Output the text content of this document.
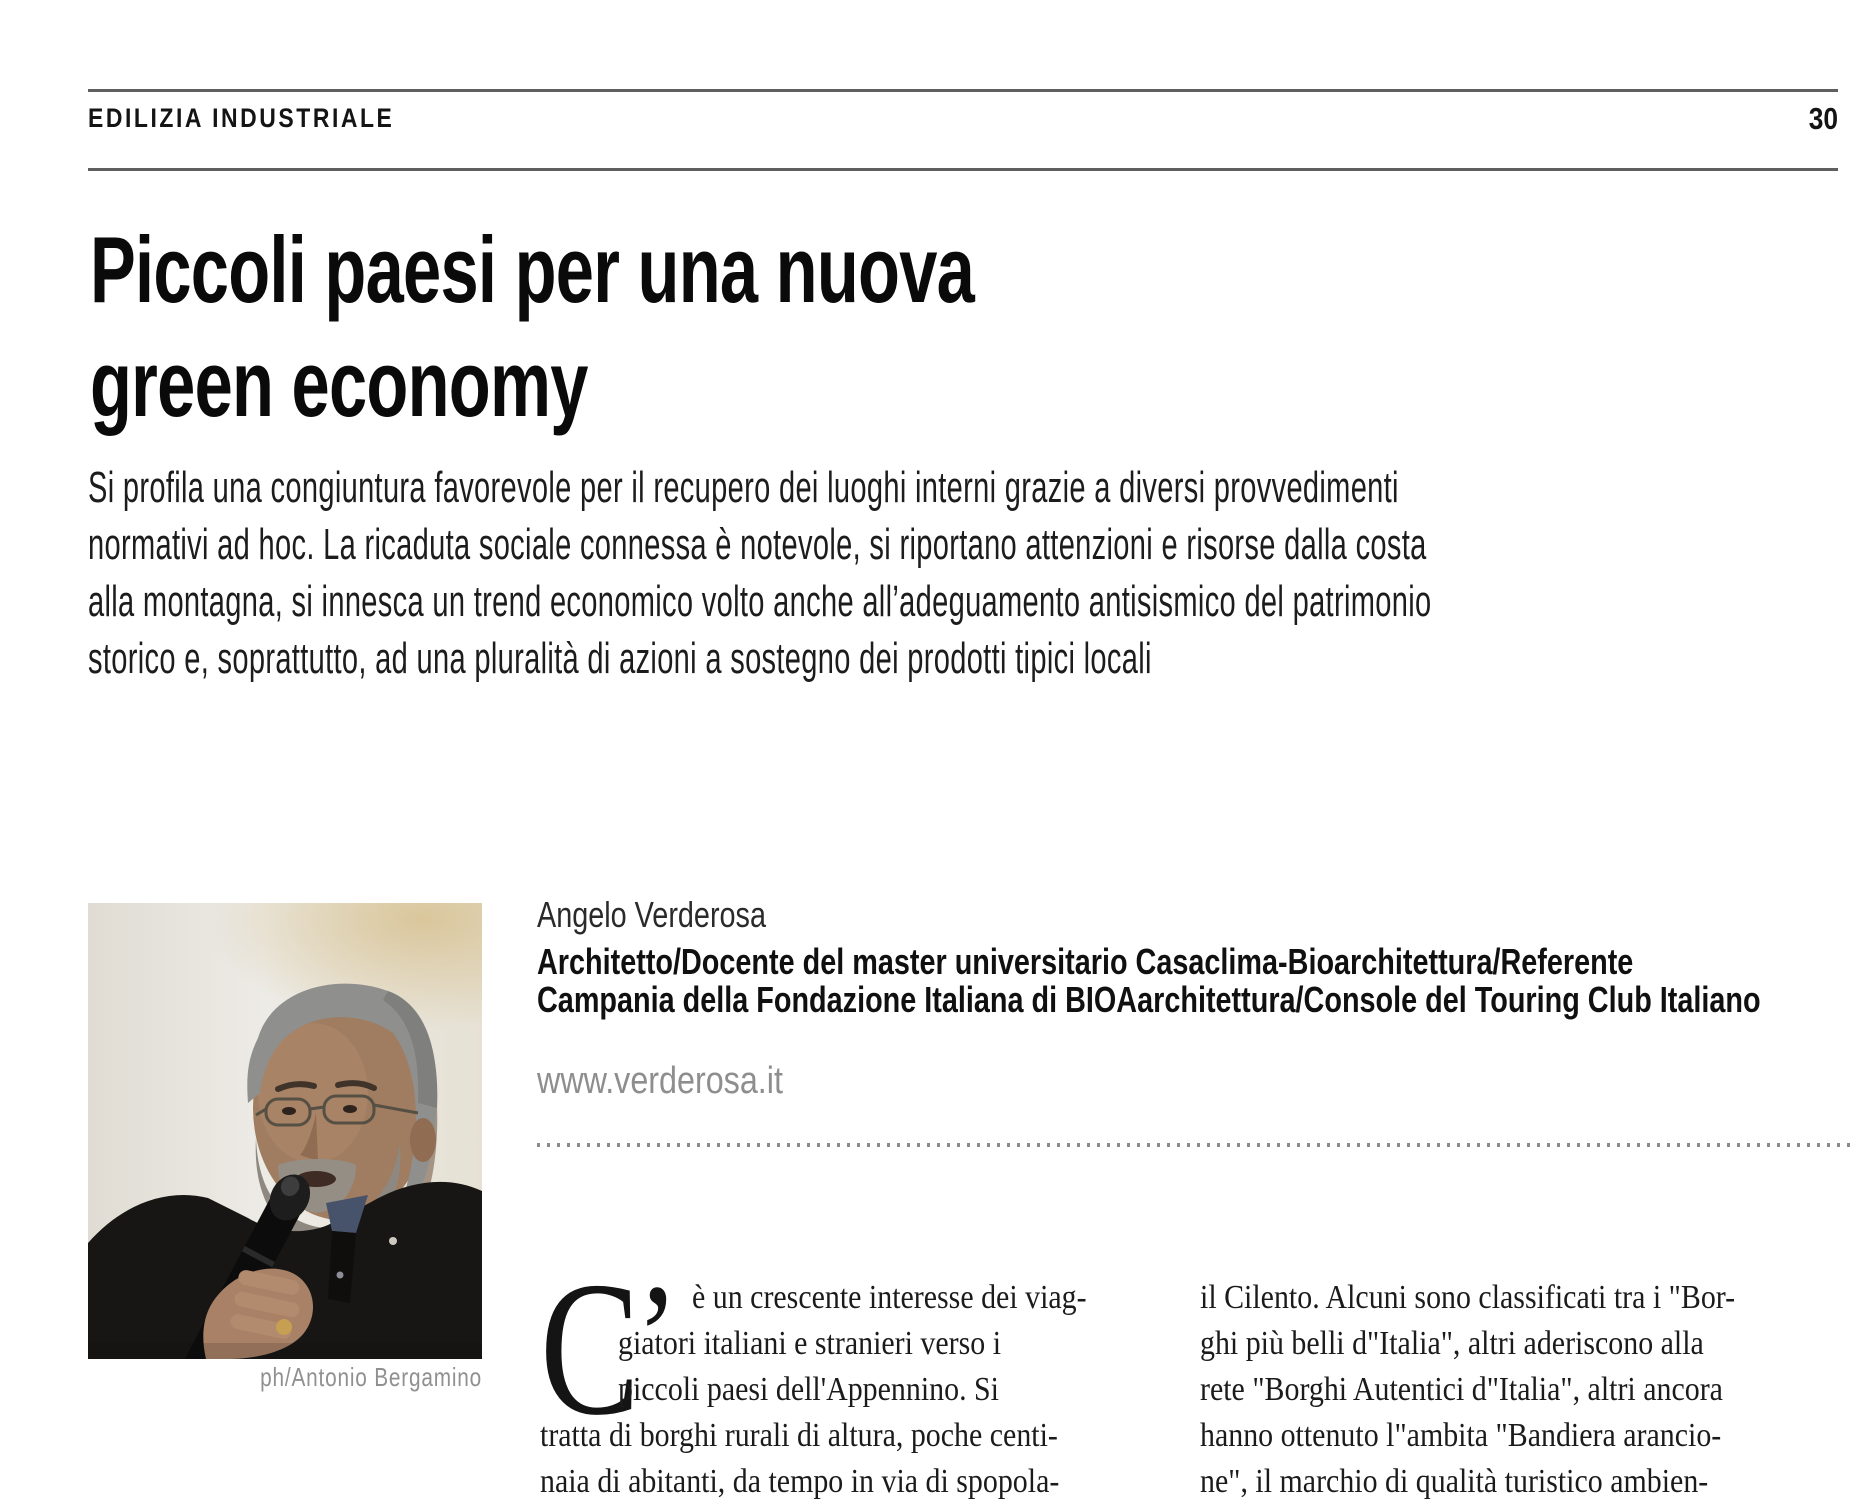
EDILIZIA INDUSTRIALE	30
Piccoli paesi per una nuova
green economy
Si profila una congiuntura favorevole per il recupero dei luoghi interni grazie a diversi provvedimenti
normativi ad hoc. La ricaduta sociale connessa è notevole, si riportano attenzioni e risorse dalla costa
alla montagna, si innesca un trend economico volto anche all’adeguamento antisismico del patrimonio
storico e, soprattutto, ad una pluralità di azioni a sostegno dei prodotti tipici locali
ph/Antonio Bergamino
Angelo Verderosa
Architetto/Docente del master universitario Casaclima-Bioarchitettura/Referente
Campania della Fondazione Italiana di BIOAarchitettura/Console del Touring Club Italiano
www.verderosa.it
C
’ è un crescente interesse dei viag-
giatori italiani e stranieri verso i
piccoli paesi dell'Appennino. Si
tratta di borghi rurali di altura, poche centi-
naia di abitanti, da tempo in via di spopola-
il Cilento. Alcuni sono classificati tra i "Bor-
ghi più belli d"Italia", altri aderiscono alla
rete "Borghi Autentici d"Italia", altri ancora
hanno ottenuto l"ambita "Bandiera arancio-
ne", il marchio di qualità turistico ambien-
